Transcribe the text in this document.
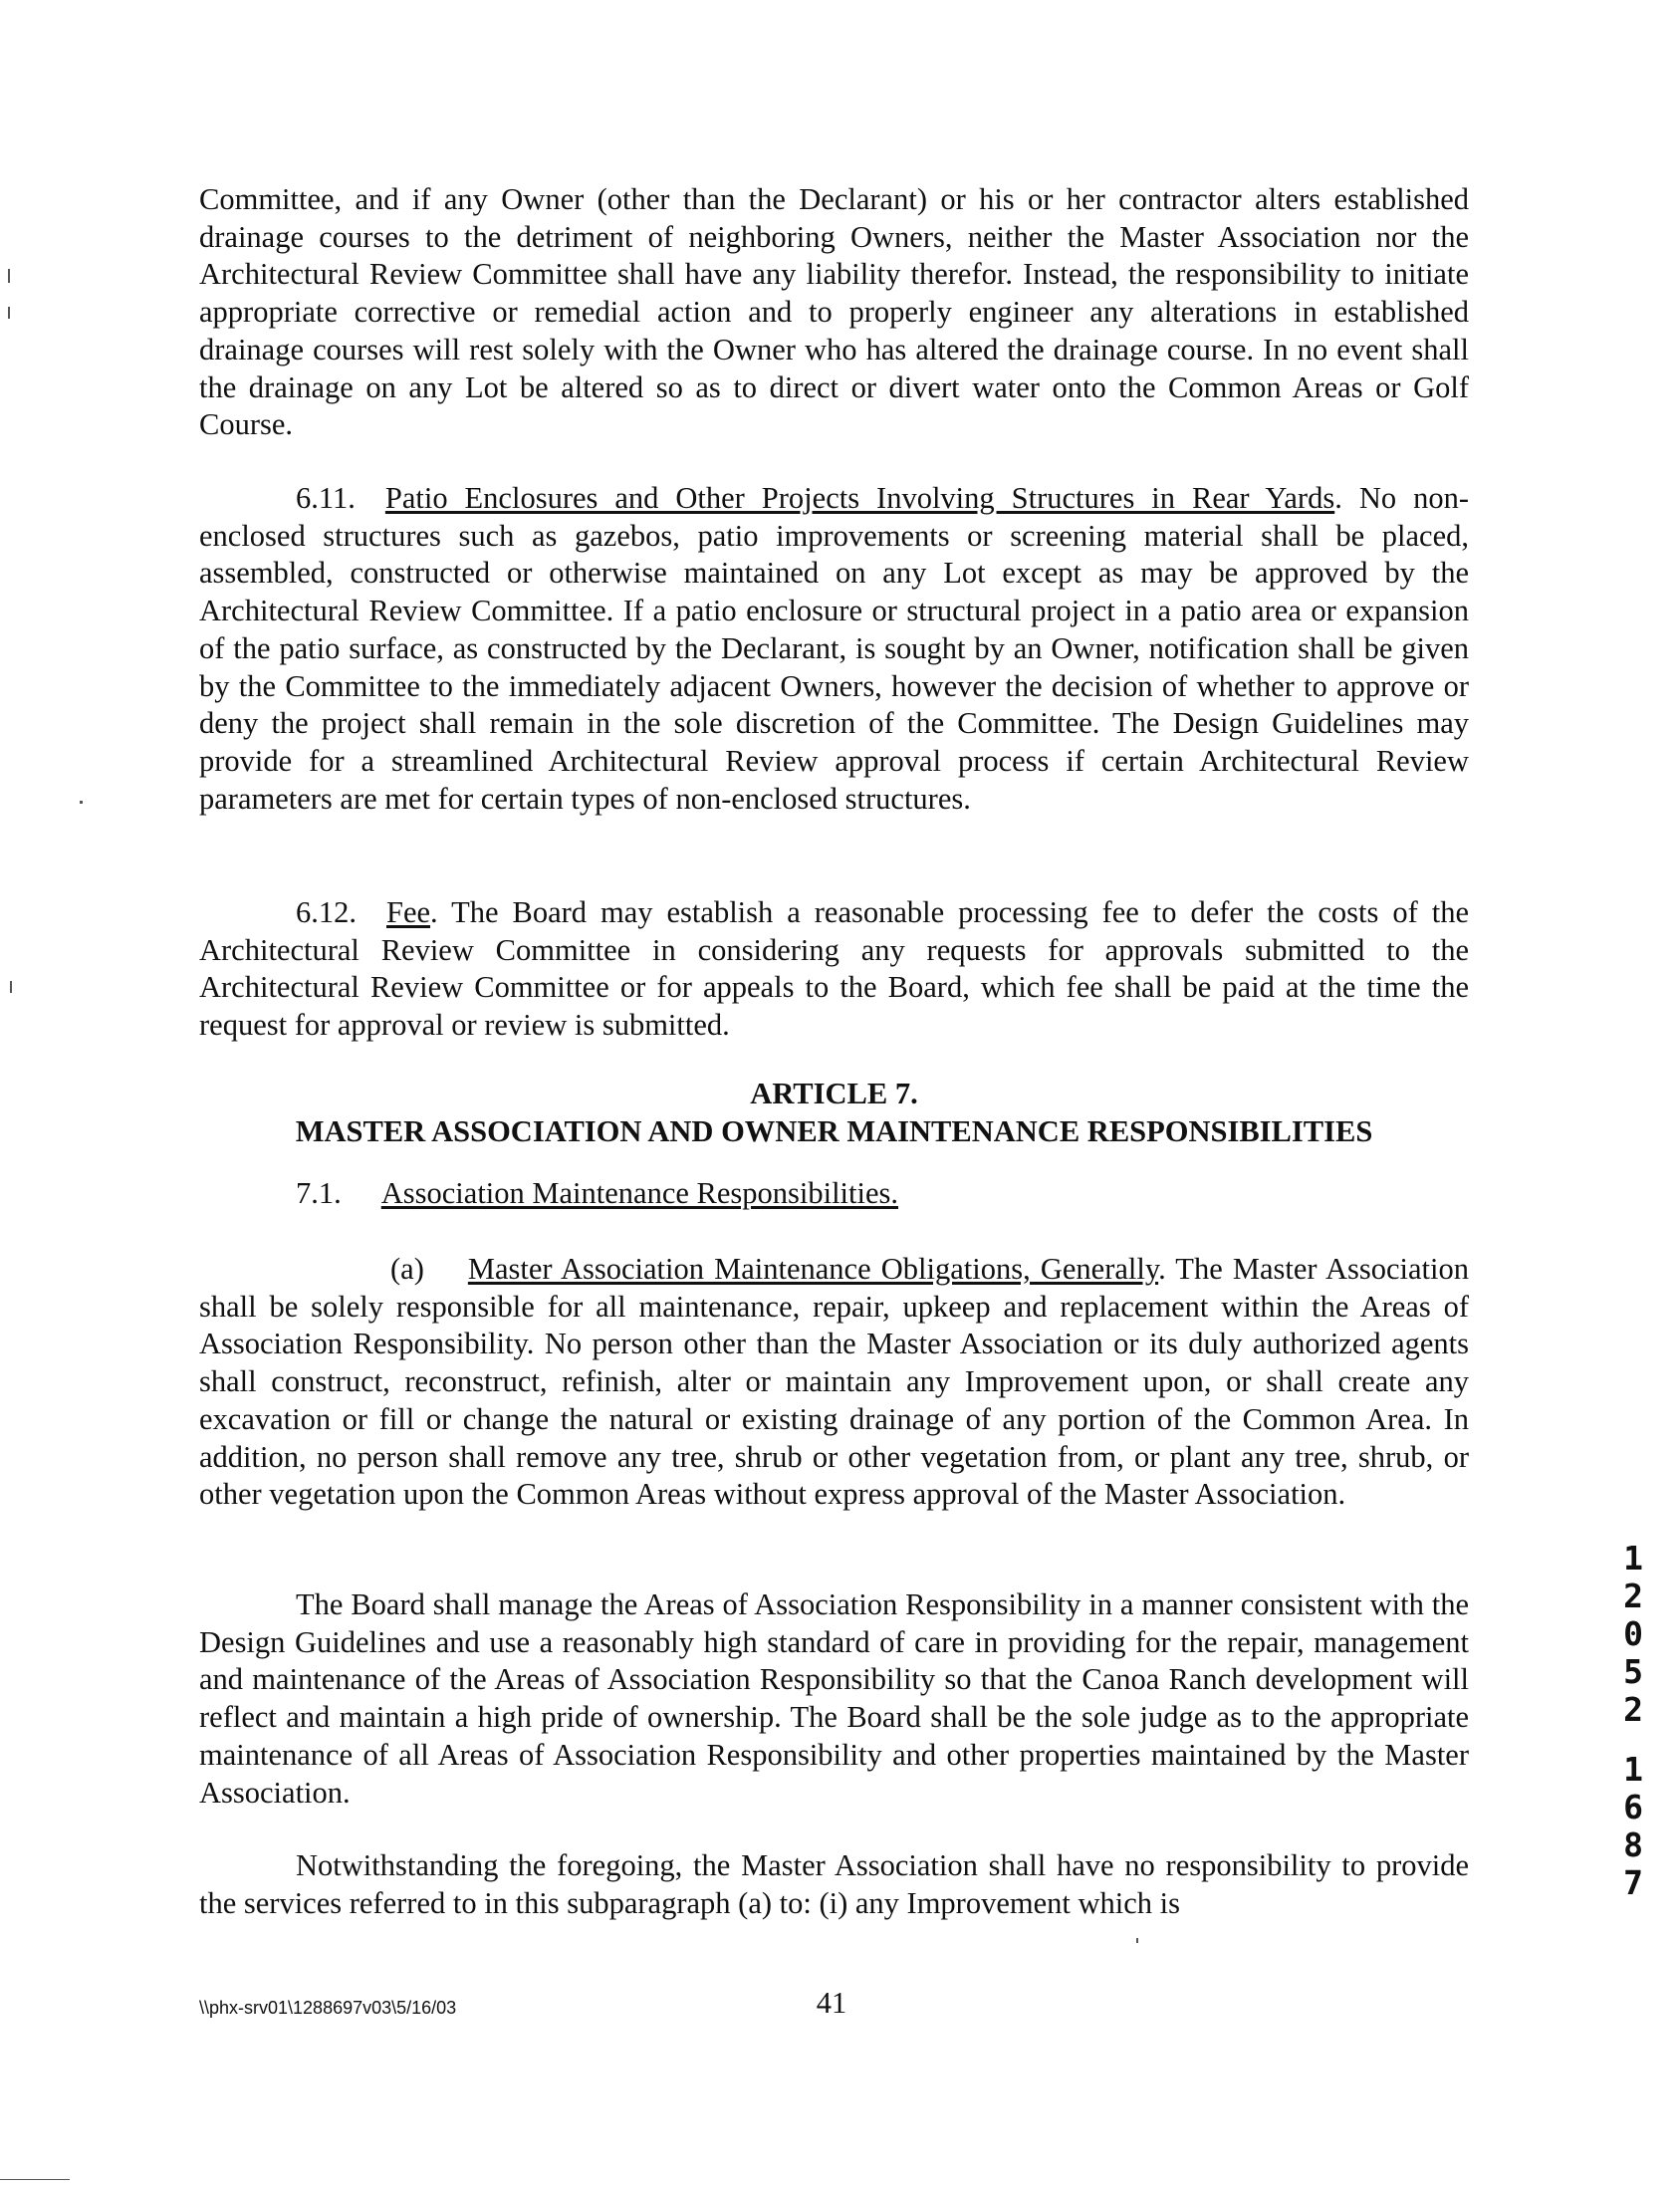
Committee, and if any Owner (other than the Declarant) or his or her contractor alters established drainage courses to the detriment of neighboring Owners, neither the Master Association nor the Architectural Review Committee shall have any liability therefor. Instead, the responsibility to initiate appropriate corrective or remedial action and to properly engineer any alterations in established drainage courses will rest solely with the Owner who has altered the drainage course. In no event shall the drainage on any Lot be altered so as to direct or divert water onto the Common Areas or Golf Course.

6.11. Patio Enclosures and Other Projects Involving Structures in Rear Yards. No non-enclosed structures such as gazebos, patio improvements or screening material shall be placed, assembled, constructed or otherwise maintained on any Lot except as may be approved by the Architectural Review Committee. If a patio enclosure or structural project in a patio area or expansion of the patio surface, as constructed by the Declarant, is sought by an Owner, notification shall be given by the Committee to the immediately adjacent Owners, however the decision of whether to approve or deny the project shall remain in the sole discretion of the Committee. The Design Guidelines may provide for a streamlined Architectural Review approval process if certain Architectural Review parameters are met for certain types of non-enclosed structures.

6.12. Fee. The Board may establish a reasonable processing fee to defer the costs of the Architectural Review Committee in considering any requests for approvals submitted to the Architectural Review Committee or for appeals to the Board, which fee shall be paid at the time the request for approval or review is submitted.

ARTICLE 7.

MASTER ASSOCIATION AND OWNER MAINTENANCE RESPONSIBILITIES

7.1. Association Maintenance Responsibilities.

(a) Master Association Maintenance Obligations, Generally. The Master Association shall be solely responsible for all maintenance, repair, upkeep and replacement within the Areas of Association Responsibility. No person other than the Master Association or its duly authorized agents shall construct, reconstruct, refinish, alter or maintain any Improvement upon, or shall create any excavation or fill or change the natural or existing drainage of any portion of the Common Area. In addition, no person shall remove any tree, shrub or other vegetation from, or plant any tree, shrub, or other vegetation upon the Common Areas without express approval of the Master Association.

The Board shall manage the Areas of Association Responsibility in a manner consistent with the Design Guidelines and use a reasonably high standard of care in providing for the repair, management and maintenance of the Areas of Association Responsibility so that the Canoa Ranch development will reflect and maintain a high pride of ownership. The Board shall be the sole judge as to the appropriate maintenance of all Areas of Association Responsibility and other properties maintained by the Master Association.

Notwithstanding the foregoing, the Master Association shall have no responsibility to provide the services referred to in this subparagraph (a) to: (i) any Improvement which is

\\phx-srv01\1288697v03\5/16/03	41
1
2
0
5
2
1
6
8
7
